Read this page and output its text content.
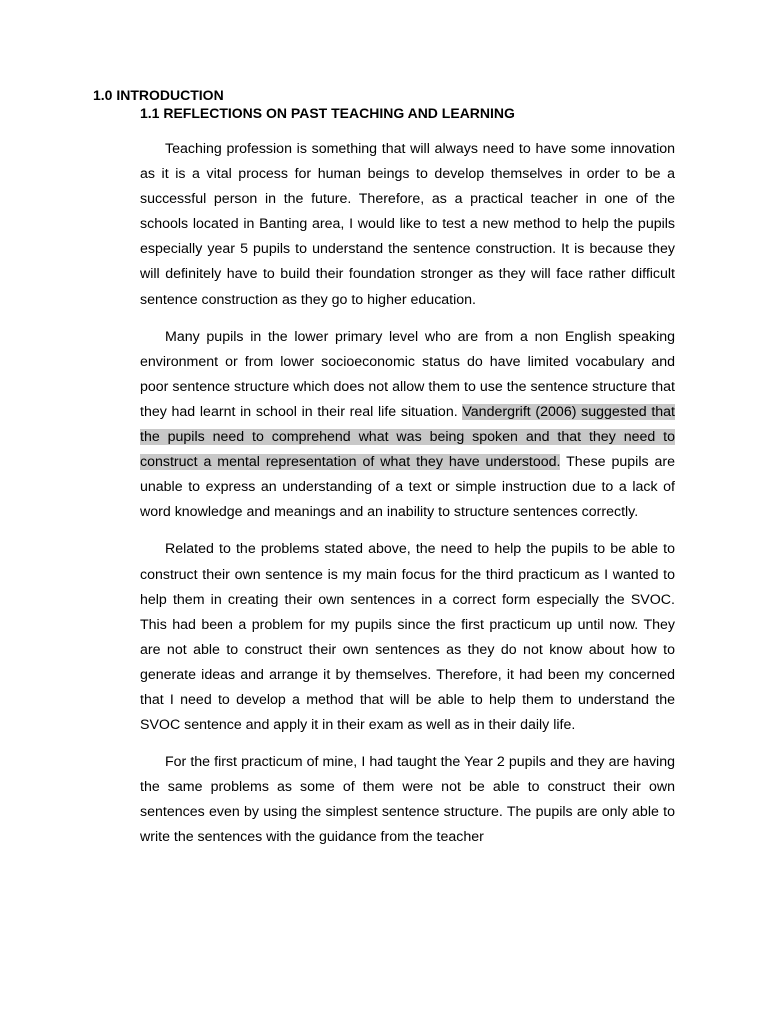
1.0 INTRODUCTION
1.1 REFLECTIONS ON PAST TEACHING AND LEARNING

Teaching profession is something that will always need to have some innovation as it is a vital process for human beings to develop themselves in order to be a successful person in the future. Therefore, as a practical teacher in one of the schools located in Banting area, I would like to test a new method to help the pupils especially year 5 pupils to understand the sentence construction. It is because they will definitely have to build their foundation stronger as they will face rather difficult sentence construction as they go to higher education.

Many pupils in the lower primary level who are from a non English speaking environment or from lower socioeconomic status do have limited vocabulary and poor sentence structure which does not allow them to use the sentence structure that they had learnt in school in their real life situation. Vandergrift (2006) suggested that the pupils need to comprehend what was being spoken and that they need to construct a mental representation of what they have understood. These pupils are unable to express an understanding of a text or simple instruction due to a lack of word knowledge and meanings and an inability to structure sentences correctly.

Related to the problems stated above, the need to help the pupils to be able to construct their own sentence is my main focus for the third practicum as I wanted to help them in creating their own sentences in a correct form especially the SVOC. This had been a problem for my pupils since the first practicum up until now. They are not able to construct their own sentences as they do not know about how to generate ideas and arrange it by themselves. Therefore, it had been my concerned that I need to develop a method that will be able to help them to understand the SVOC sentence and apply it in their exam as well as in their daily life.

For the first practicum of mine, I had taught the Year 2 pupils and they are having the same problems as some of them were not be able to construct their own sentences even by using the simplest sentence structure. The pupils are only able to write the sentences with the guidance from the teacher
